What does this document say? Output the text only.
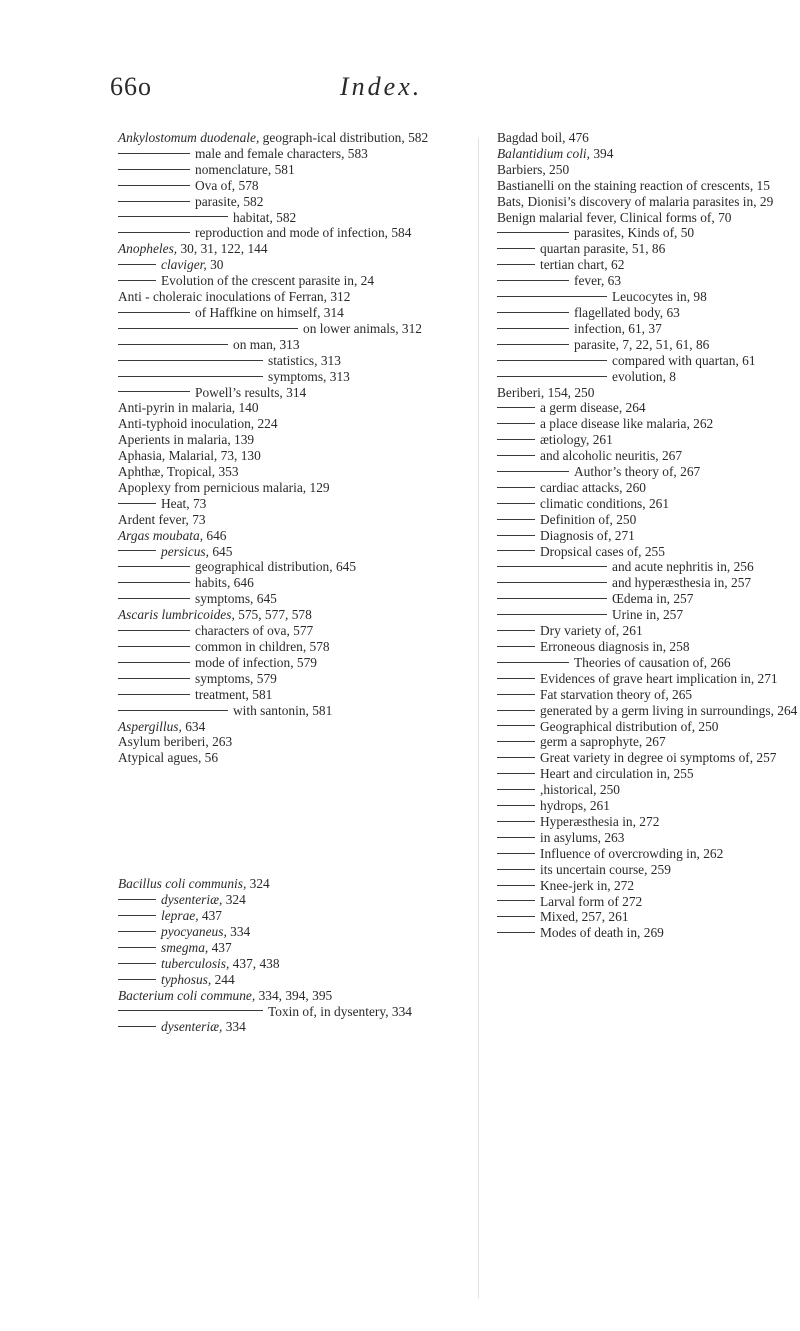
66o	Index.

Ankylostomum duodenale, geograph-ical distribution, 582

male and female characters, 583

nomenclature, 581

Ova of, 578

parasite, 582

habitat, 582

reproduction and mode of infection, 584

Anopheles, 30, 31, 122, 144

claviger, 30

Evolution of the crescent parasite in, 24

Anti - choleraic inoculations of Ferran, 312

of Haffkine on himself, 314

on lower animals, 312

on man, 313

statistics, 313

symptoms, 313

Powell’s results, 314

Anti-pyrin in malaria, 140

Anti-typhoid inoculation, 224

Aperients in malaria, 139

Aphasia, Malarial, 73, 130

Aphthæ, Tropical, 353

Apoplexy from pernicious malaria, 129

Heat, 73

Ardent fever, 73

Argas moubata, 646

persicus, 645

geographical distribution, 645

habits, 646

symptoms, 645

Ascaris lumbricoides, 575, 577, 578

characters of ova, 577

common in children, 578

mode of infection, 579

symptoms, 579

treatment, 581

with santonin, 581

Aspergillus, 634

Asylum beriberi, 263

Atypical agues, 56

Bacillus coli communis, 324

dysenteriæ, 324

leprae, 437

pyocyaneus, 334

smegma, 437

tuberculosis, 437, 438

typhosus, 244

Bacterium coli commune, 334, 394, 395

Toxin of, in dysentery, 334

dysenteriæ, 334

Bagdad boil, 476

Balantidium coli, 394

Barbiers, 250

Bastianelli on the staining reaction of crescents, 15

Bats, Dionisi’s discovery of malaria parasites in, 29

Benign malarial fever, Clinical forms of, 70

parasites, Kinds of, 50

quartan parasite, 51, 86

tertian chart, 62

fever, 63

Leucocytes in, 98

flagellated body, 63

infection, 61, 37

parasite, 7, 22, 51, 61, 86

compared with quartan, 61

evolution, 8

Beriberi, 154, 250

a germ disease, 264

a place disease like malaria, 262

ætiology, 261

and alcoholic neuritis, 267

Author’s theory of, 267

cardiac attacks, 260

climatic conditions, 261

Definition of, 250

Diagnosis of, 271

Dropsical cases of, 255

and acute nephritis in, 256

and hyperæsthesia in, 257

Œdema in, 257

Urine in, 257

Dry variety of, 261

Erroneous diagnosis in, 258

Theories of causation of, 266

Evidences of grave heart implication in, 271

Fat starvation theory of, 265

generated by a germ living in surroundings, 264

Geographical distribution of, 250

germ a saprophyte, 267

Great variety in degree oi symptoms of, 257

Heart and circulation in, 255

,historical, 250

hydrops, 261

Hyperæsthesia in, 272

in asylums, 263

Influence of overcrowding in, 262

its uncertain course, 259

Knee-jerk in, 272

Larval form of 272

Mixed, 257, 261

Modes of death in, 269
